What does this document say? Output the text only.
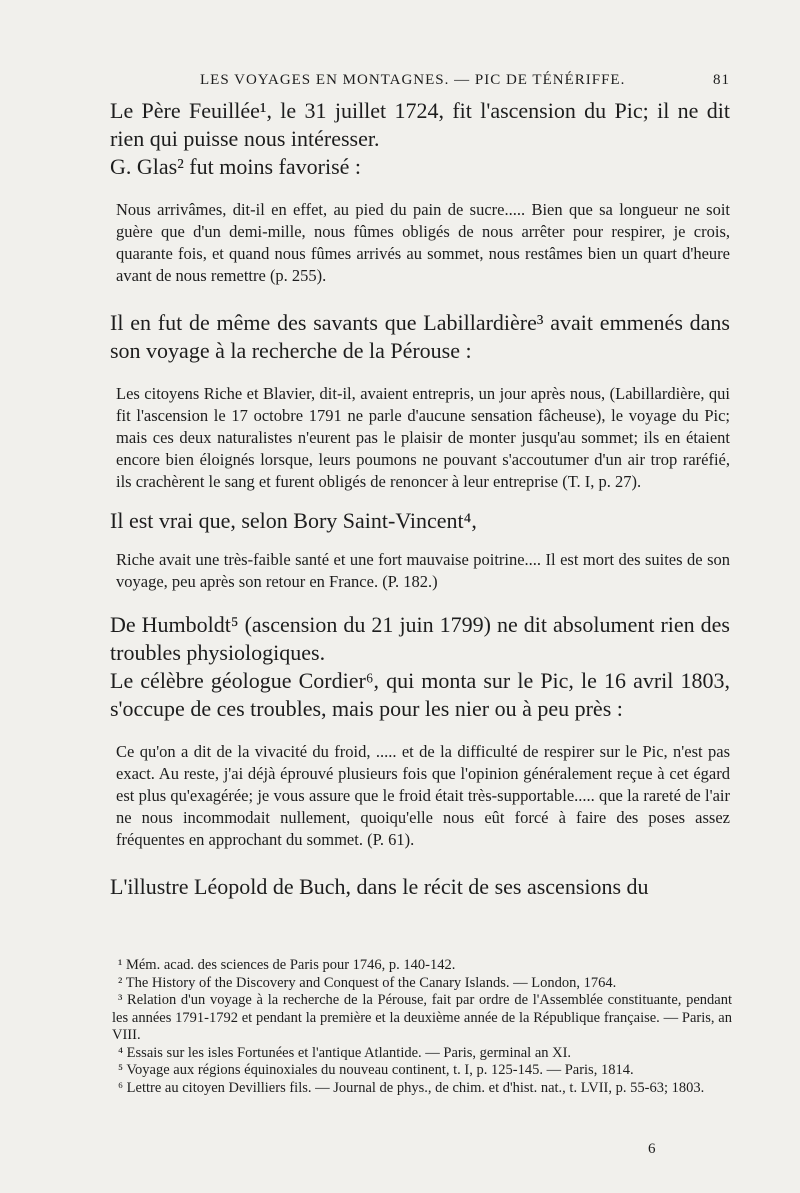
LES VOYAGES EN MONTAGNES. — PIC DE TÉNÉRIFFE.	81

Le Père Feuillée¹, le 31 juillet 1724, fit l'ascension du Pic; il ne dit rien qui puisse nous intéresser.

G. Glas² fut moins favorisé :

Nous arrivâmes, dit-il en effet, au pied du pain de sucre..... Bien que sa longueur ne soit guère que d'un demi-mille, nous fûmes obligés de nous arrêter pour respirer, je crois, quarante fois, et quand nous fûmes arrivés au sommet, nous restâmes bien un quart d'heure avant de nous remettre (p. 255).

Il en fut de même des savants que Labillardière³ avait emmenés dans son voyage à la recherche de la Pérouse :

Les citoyens Riche et Blavier, dit-il, avaient entrepris, un jour après nous, (Labillardière, qui fit l'ascension le 17 octobre 1791 ne parle d'aucune sensation fâcheuse), le voyage du Pic; mais ces deux naturalistes n'eurent pas le plaisir de monter jusqu'au sommet; ils en étaient encore bien éloignés lorsque, leurs poumons ne pouvant s'accoutumer d'un air trop raréfié, ils crachèrent le sang et furent obligés de renoncer à leur entreprise (T. I, p. 27).

Il est vrai que, selon Bory Saint-Vincent⁴,

Riche avait une très-faible santé et une fort mauvaise poitrine.... Il est mort des suites de son voyage, peu après son retour en France. (P. 182.)

De Humboldt⁵ (ascension du 21 juin 1799) ne dit absolument rien des troubles physiologiques.

Le célèbre géologue Cordier⁶, qui monta sur le Pic, le 16 avril 1803, s'occupe de ces troubles, mais pour les nier ou à peu près :

Ce qu'on a dit de la vivacité du froid, ..... et de la difficulté de respirer sur le Pic, n'est pas exact. Au reste, j'ai déjà éprouvé plusieurs fois que l'opinion généralement reçue à cet égard est plus qu'exagérée; je vous assure que le froid était très-supportable..... que la rareté de l'air ne nous incommodait nullement, quoiqu'elle nous eût forcé à faire des poses assez fréquentes en approchant du sommet. (P. 61).

L'illustre Léopold de Buch, dans le récit de ses ascensions du

¹ Mém. acad. des sciences de Paris pour 1746, p. 140-142.

² The History of the Discovery and Conquest of the Canary Islands. — London, 1764.

³ Relation d'un voyage à la recherche de la Pérouse, fait par ordre de l'Assemblée constituante, pendant les années 1791-1792 et pendant la première et la deuxième année de la République française. — Paris, an VIII.

⁴ Essais sur les isles Fortunées et l'antique Atlantide. — Paris, germinal an XI.

⁵ Voyage aux régions équinoxiales du nouveau continent, t. I, p. 125-145. — Paris, 1814.

⁶ Lettre au citoyen Devilliers fils. — Journal de phys., de chim. et d'hist. nat., t. LVII, p. 55-63; 1803.

6
